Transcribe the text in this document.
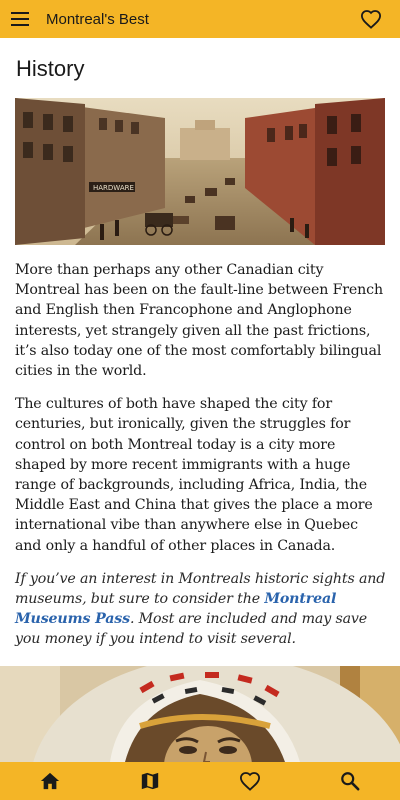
Montreal's Best
History
HARDWARE

More than perhaps any other Canadian city Montreal has been on the fault-line between French and English then Francophone and Anglophone interests, yet strangely given all the past frictions, it’s also today one of the most comfortably bilingual cities in the world.

The cultures of both have shaped the city for centuries, but ironically, given the struggles for control on both Montreal today is a city more shaped by more recent immigrants with a huge range of backgrounds, including Africa, India, the Middle East and China that gives the place a more international vibe than anywhere else in Quebec and only a handful of other places in Canada.

If you’ve an interest in Montreals historic sights and museums, but sure to consider the Montreal Museums Pass. Most are included and may save you money if you intend to visit several.
